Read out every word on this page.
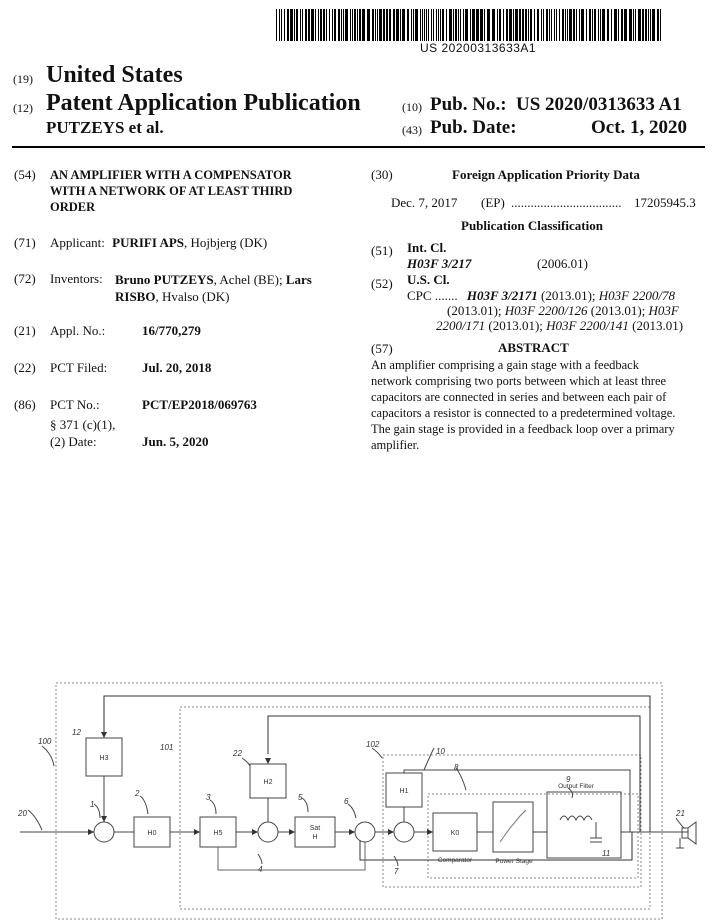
US 20200313633A1
(19) United States
(12) Patent Application Publication
PUTZEYS et al.
(10) Pub. No.: US 2020/0313633 A1
(43) Pub. Date:	Oct. 1, 2020
(54) AN AMPLIFIER WITH A COMPENSATOR
WITH A NETWORK OF AT LEAST THIRD
ORDER
(71) Applicant: PURIFI APS, Hojbjerg (DK)
(72) Inventors: Bruno PUTZEYS, Achel (BE); Lars
RISBO, Hvalso (DK)
(21) Appl. No.:	16/770,279
(22) PCT Filed:	Jul. 20, 2018
(86) PCT No.:	PCT/EP2018/069763
§ 371 (c)(1),
(2) Date:	Jun. 5, 2020
(30)	Foreign Application Priority Data
Dec. 7, 2017 (EP) .................................. 17205945.3
Publication Classification
(51) Int. Cl.
H03F 3/217	(2006.01)
(52) U.S. Cl.
CPC ....... H03F 3/2171 (2013.01); H03F 2200/78
(2013.01); H03F 2200/126 (2013.01); H03F
2200/171 (2013.01); H03F 2200/141 (2013.01)
(57)	ABSTRACT
An amplifier comprising a gain stage with a feedback
network comprising two ports between which at least three
capacitors are connected in series and between each pair of
capacitors a resistor is connected to a predetermined voltage.
The gain stage is provided in a feedback loop over a primary
amplifier.
H3
H0	H5
H2
H1
K0
Sat
H
Comparator	Power Stage
Output Filter
12
100
101
22
102
10
20
1
2	3	5	6
4	7
8
9
11
21
